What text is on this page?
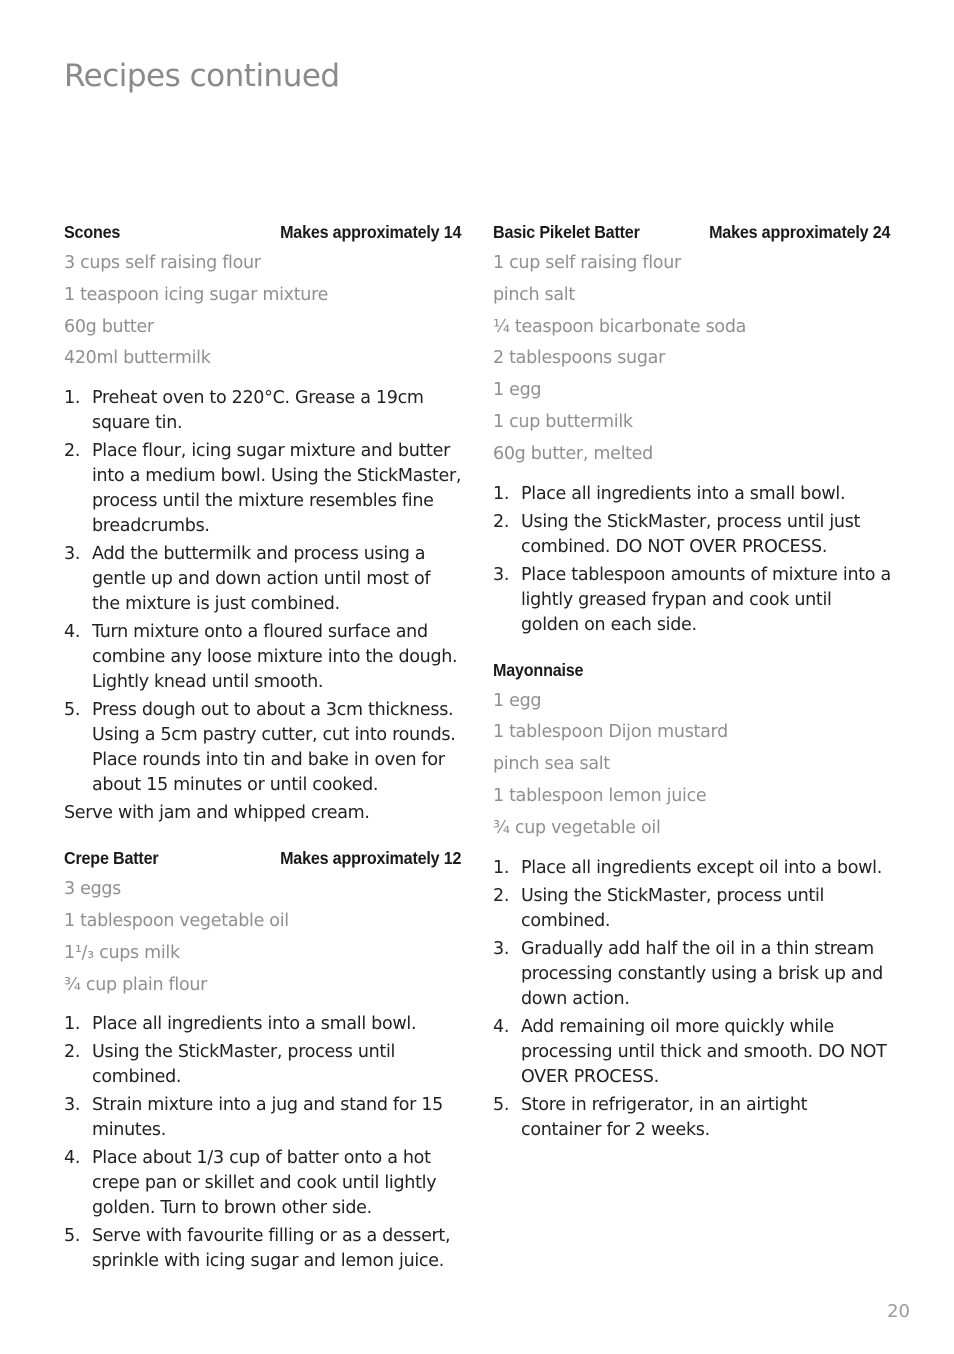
Recipes continued
Scones	Makes approximately 14
3 cups self raising flour
1 teaspoon icing sugar mixture
60g butter
420ml buttermilk
1. Preheat oven to 220°C. Grease a 19cm square tin.
2. Place flour, icing sugar mixture and butter into a medium bowl. Using the StickMaster, process until the mixture resembles fine breadcrumbs.
3. Add the buttermilk and process using a gentle up and down action until most of the mixture is just combined.
4. Turn mixture onto a floured surface and combine any loose mixture into the dough. Lightly knead until smooth.
5. Press dough out to about a 3cm thickness. Using a 5cm pastry cutter, cut into rounds. Place rounds into tin and bake in oven for about 15 minutes or until cooked.

Serve with jam and whipped cream.

Crepe Batter	Makes approximately 12
3 eggs
1 tablespoon vegetable oil
1¹/₃ cups milk
¾ cup plain flour
1. Place all ingredients into a small bowl.
2. Using the StickMaster, process until combined.
3. Strain mixture into a jug and stand for 15 minutes.
4. Place about 1/3 cup of batter onto a hot crepe pan or skillet and cook until lightly golden. Turn to brown other side.
5. Serve with favourite filling or as a dessert, sprinkle with icing sugar and lemon juice.
Basic Pikelet Batter	Makes approximately 24
1 cup self raising flour
pinch salt
¼ teaspoon bicarbonate soda
2 tablespoons sugar
1 egg
1 cup buttermilk
60g butter, melted
1. Place all ingredients into a small bowl.
2. Using the StickMaster, process until just combined. DO NOT OVER PROCESS.
3. Place tablespoon amounts of mixture into a lightly greased frypan and cook until golden on each side.
Mayonnaise
1 egg
1 tablespoon Dijon mustard
pinch sea salt
1 tablespoon lemon juice
¾ cup vegetable oil
1. Place all ingredients except oil into a bowl.
2. Using the StickMaster, process until combined.
3. Gradually add half the oil in a thin stream processing constantly using a brisk up and down action.
4. Add remaining oil more quickly while processing until thick and smooth. DO NOT OVER PROCESS.
5. Store in refrigerator, in an airtight container for 2 weeks.
20
